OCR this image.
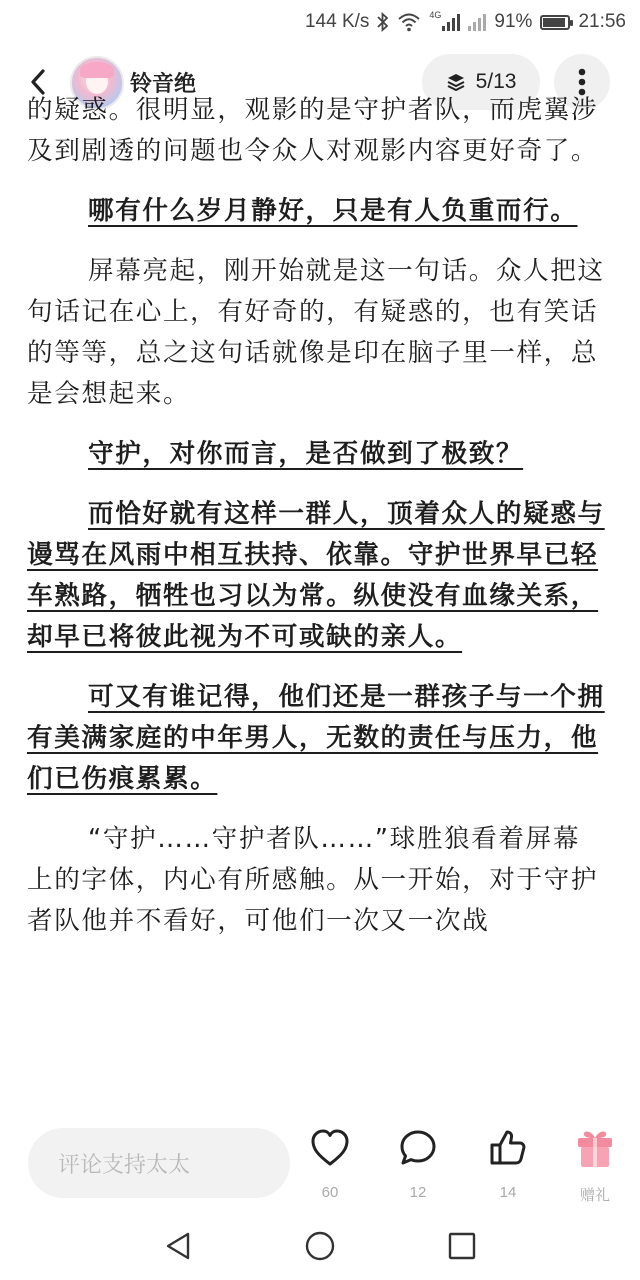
144 K/s	4G	91% 21:56
铃音绝	5/13

的疑惑。很明显，观影的是守护者队，而虎翼涉及到剧透的问题也令众人对观影内容更好奇了。

哪有什么岁月静好，只是有人负重而行。

屏幕亮起，刚开始就是这一句话。众人把这句话记在心上，有好奇的，有疑惑的，也有笑话的等等，总之这句话就像是印在脑子里一样，总是会想起来。

守护，对你而言，是否做到了极致？

而恰好就有这样一群人，顶着众人的疑惑与谩骂在风雨中相互扶持、依靠。守护世界早已轻车熟路，牺牲也习以为常。纵使没有血缘关系，却早已将彼此视为不可或缺的亲人。

可又有谁记得，他们还是一群孩子与一个拥有美满家庭的中年男人，无数的责任与压力，他们已伤痕累累。

“守护……守护者队……”球胜狼看着屏幕上的字体，内心有所感触。从一开始，对于守护者队他并不看好，可他们一次又一次战

评论支持太太
60	12	14	赠礼
